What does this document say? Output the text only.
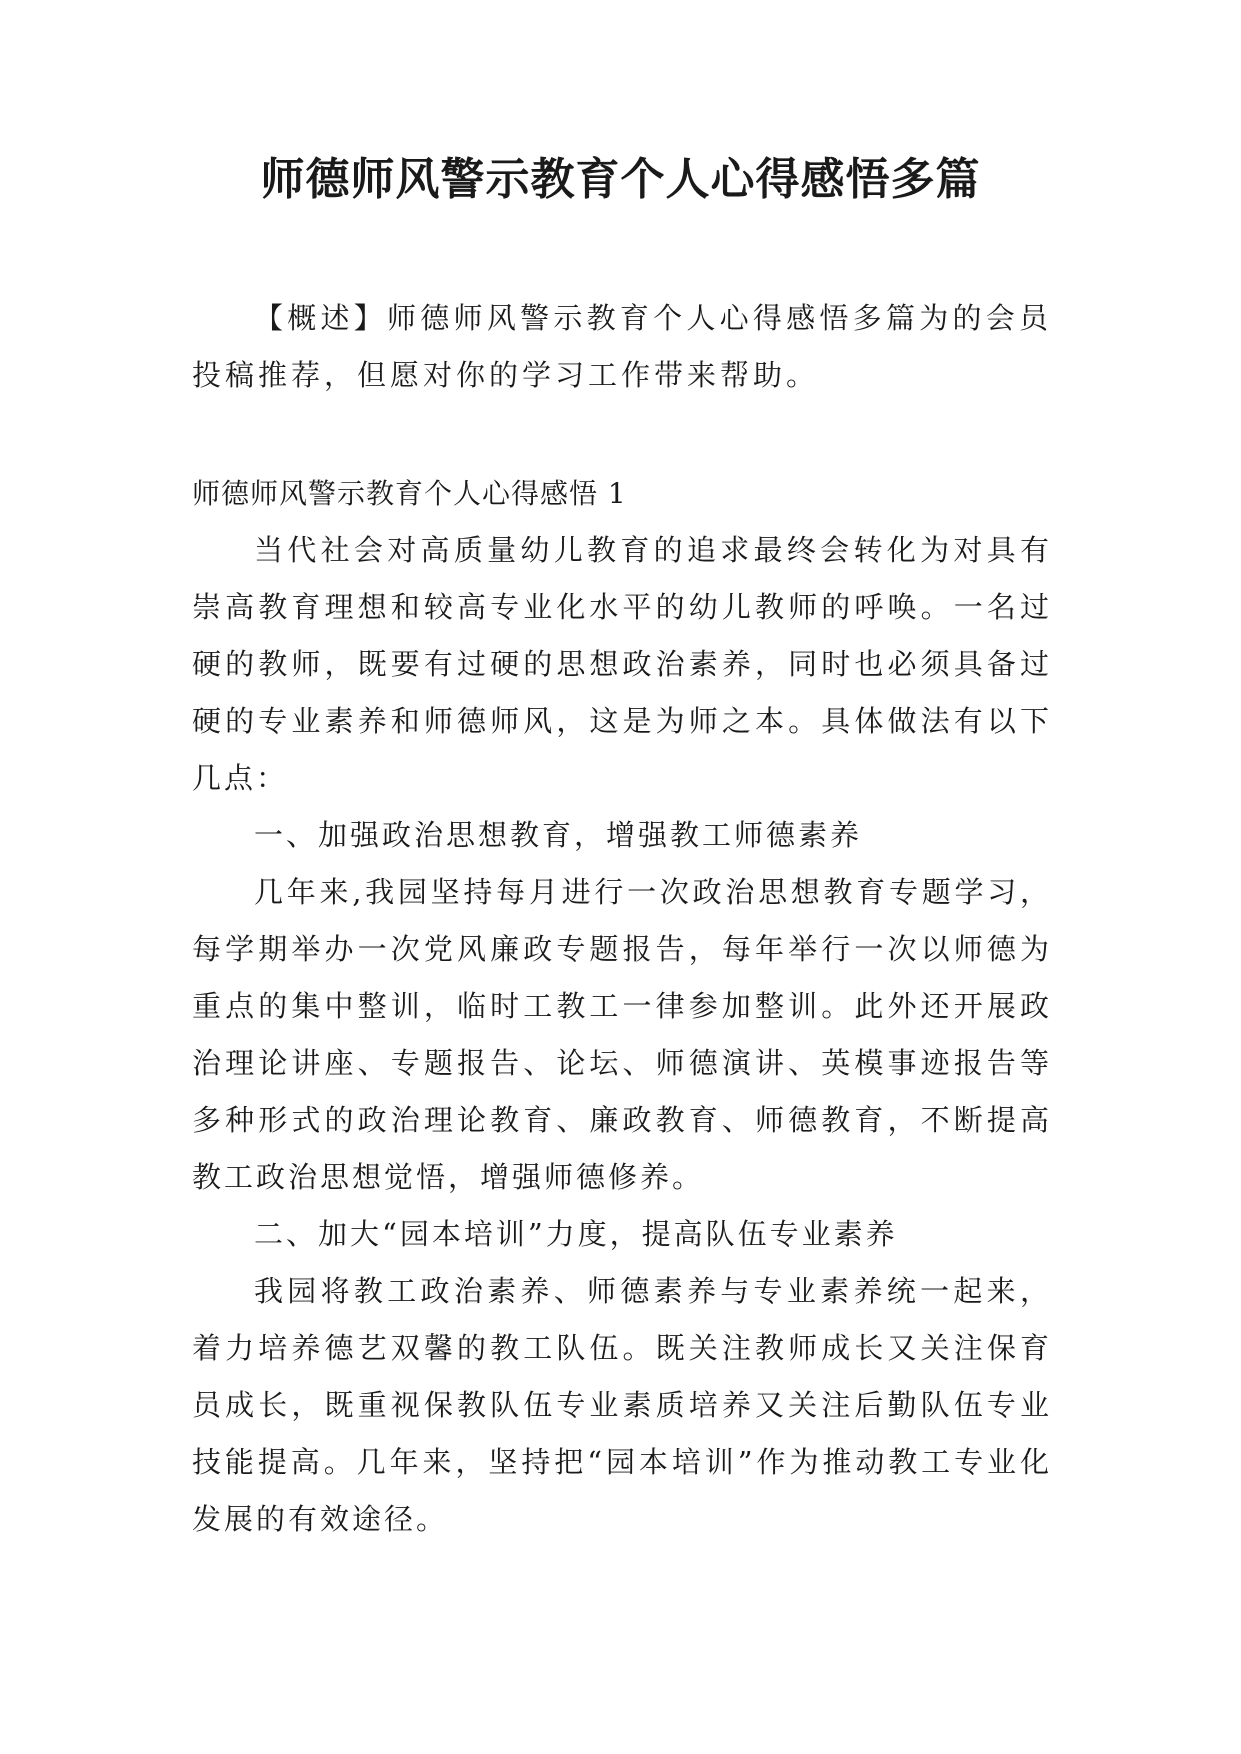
师德师风警示教育个人心得感悟多篇

【概述】师德师风警示教育个人心得感悟多篇为的会员投稿推荐，但愿对你的学习工作带来帮助。

师德师风警示教育个人心得感悟 1

当代社会对高质量幼儿教育的追求最终会转化为对具有崇高教育理想和较高专业化水平的幼儿教师的呼唤。一名过硬的教师，既要有过硬的思想政治素养，同时也必须具备过硬的专业素养和师德师风，这是为师之本。具体做法有以下几点：

一、加强政治思想教育，增强教工师德素养

几年来,我园坚持每月进行一次政治思想教育专题学习，每学期举办一次党风廉政专题报告，每年举行一次以师德为重点的集中整训，临时工教工一律参加整训。此外还开展政治理论讲座、专题报告、论坛、师德演讲、英模事迹报告等多种形式的政治理论教育、廉政教育、师德教育，不断提高教工政治思想觉悟，增强师德修养。

二、加大“园本培训”力度，提高队伍专业素养

我园将教工政治素养、师德素养与专业素养统一起来，着力培养德艺双馨的教工队伍。既关注教师成长又关注保育员成长，既重视保教队伍专业素质培养又关注后勤队伍专业技能提高。几年来，坚持把“园本培训”作为推动教工专业化发展的有效途径。
